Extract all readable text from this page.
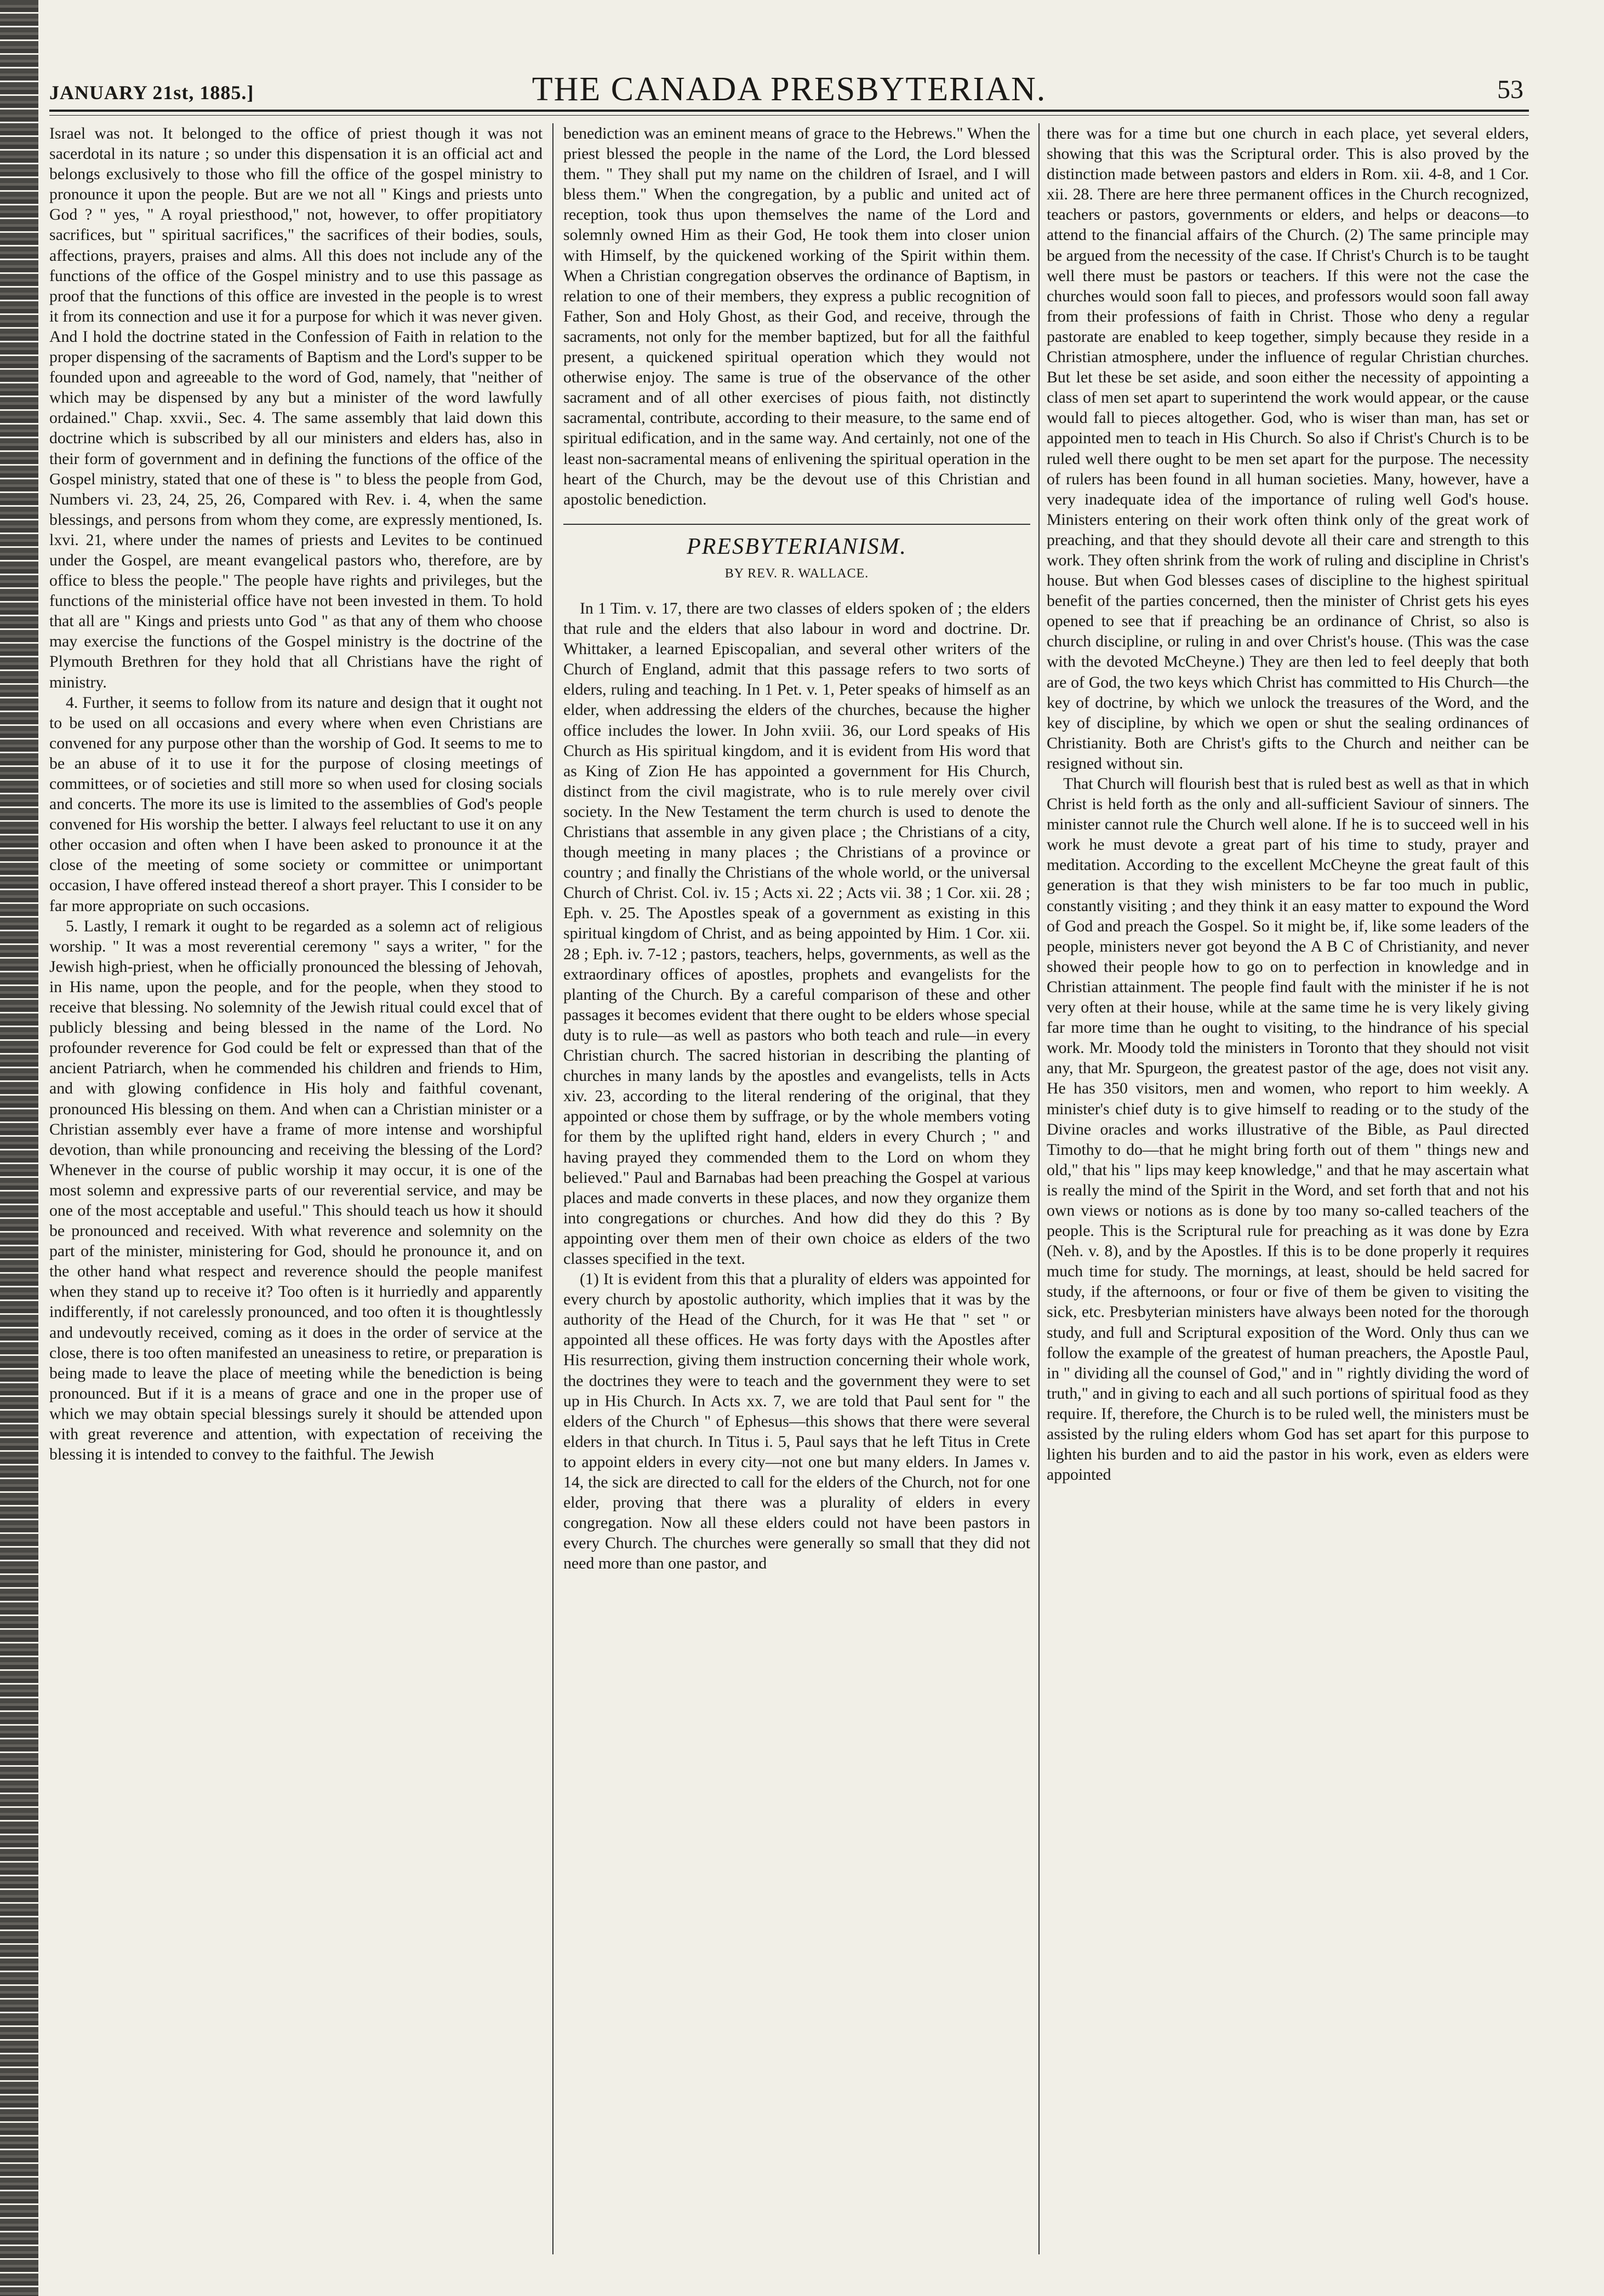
JANUARY 21st, 1885.]	THE CANADA PRESBYTERIAN.	53

Israel was not. It belonged to the office of priest though it was not sacerdotal in its nature ; so under this dispensation it is an official act and belongs exclusively to those who fill the office of the gospel ministry to pronounce it upon the people. But are we not all " Kings and priests unto God ? " yes, " A royal priesthood," not, however, to offer propitiatory sacrifices, but " spiritual sacrifices," the sacrifices of their bodies, souls, affections, prayers, praises and alms. All this does not include any of the functions of the office of the Gospel ministry and to use this passage as proof that the functions of this office are invested in the people is to wrest it from its connection and use it for a purpose for which it was never given. And I hold the doctrine stated in the Confession of Faith in relation to the proper dispensing of the sacraments of Baptism and the Lord's supper to be founded upon and agreeable to the word of God, namely, that "neither of which may be dispensed by any but a minister of the word lawfully ordained." Chap. xxvii., Sec. 4. The same assembly that laid down this doctrine which is subscribed by all our ministers and elders has, also in their form of government and in defining the functions of the office of the Gospel ministry, stated that one of these is " to bless the people from God, Numbers vi. 23, 24, 25, 26, Compared with Rev. i. 4, when the same blessings, and persons from whom they come, are expressly mentioned, Is. lxvi. 21, where under the names of priests and Levites to be continued under the Gospel, are meant evangelical pastors who, therefore, are by office to bless the people." The people have rights and privileges, but the functions of the ministerial office have not been invested in them. To hold that all are " Kings and priests unto God " as that any of them who choose may exercise the functions of the Gospel ministry is the doctrine of the Plymouth Brethren for they hold that all Christians have the right of ministry.

4. Further, it seems to follow from its nature and design that it ought not to be used on all occasions and every where when even Christians are convened for any purpose other than the worship of God. It seems to me to be an abuse of it to use it for the purpose of closing meetings of committees, or of societies and still more so when used for closing socials and concerts. The more its use is limited to the assemblies of God's people convened for His worship the better. I always feel reluctant to use it on any other occasion and often when I have been asked to pronounce it at the close of the meeting of some society or committee or unimportant occasion, I have offered instead thereof a short prayer. This I consider to be far more appropriate on such occasions.

5. Lastly, I remark it ought to be regarded as a solemn act of religious worship. " It was a most reverential ceremony " says a writer, " for the Jewish high-priest, when he officially pronounced the blessing of Jehovah, in His name, upon the people, and for the people, when they stood to receive that blessing. No solemnity of the Jewish ritual could excel that of publicly blessing and being blessed in the name of the Lord. No profounder reverence for God could be felt or expressed than that of the ancient Patriarch, when he commended his children and friends to Him, and with glowing confidence in His holy and faithful covenant, pronounced His blessing on them. And when can a Christian minister or a Christian assembly ever have a frame of more intense and worshipful devotion, than while pronouncing and receiving the blessing of the Lord? Whenever in the course of public worship it may occur, it is one of the most solemn and expressive parts of our reverential service, and may be one of the most acceptable and useful." This should teach us how it should be pronounced and received. With what reverence and solemnity on the part of the minister, ministering for God, should he pronounce it, and on the other hand what respect and reverence should the people manifest when they stand up to receive it? Too often is it hurriedly and apparently indifferently, if not carelessly pronounced, and too often it is thoughtlessly and undevoutly received, coming as it does in the order of service at the close, there is too often manifested an uneasiness to retire, or preparation is being made to leave the place of meeting while the benediction is being pronounced. But if it is a means of grace and one in the proper use of which we may obtain special blessings surely it should be attended upon with great reverence and attention, with expectation of receiving the blessing it is intended to convey to the faithful. The Jewish

benediction was an eminent means of grace to the Hebrews." When the priest blessed the people in the name of the Lord, the Lord blessed them. " They shall put my name on the children of Israel, and I will bless them." When the congregation, by a public and united act of reception, took thus upon themselves the name of the Lord and solemnly owned Him as their God, He took them into closer union with Himself, by the quickened working of the Spirit within them. When a Christian congregation observes the ordinance of Baptism, in relation to one of their members, they express a public recognition of Father, Son and Holy Ghost, as their God, and receive, through the sacraments, not only for the member baptized, but for all the faithful present, a quickened spiritual operation which they would not otherwise enjoy. The same is true of the observance of the other sacrament and of all other exercises of pious faith, not distinctly sacramental, contribute, according to their measure, to the same end of spiritual edification, and in the same way. And certainly, not one of the least non-sacramental means of enlivening the spiritual operation in the heart of the Church, may be the devout use of this Christian and apostolic benediction.

PRESBYTERIANISM.
BY REV. R. WALLACE.

In 1 Tim. v. 17, there are two classes of elders spoken of ; the elders that rule and the elders that also labour in word and doctrine. Dr. Whittaker, a learned Episcopalian, and several other writers of the Church of England, admit that this passage refers to two sorts of elders, ruling and teaching. In 1 Pet. v. 1, Peter speaks of himself as an elder, when addressing the elders of the churches, because the higher office includes the lower. In John xviii. 36, our Lord speaks of His Church as His spiritual kingdom, and it is evident from His word that as King of Zion He has appointed a government for His Church, distinct from the civil magistrate, who is to rule merely over civil society. In the New Testament the term church is used to denote the Christians that assemble in any given place ; the Christians of a city, though meeting in many places ; the Christians of a province or country ; and finally the Christians of the whole world, or the universal Church of Christ. Col. iv. 15 ; Acts xi. 22 ; Acts vii. 38 ; 1 Cor. xii. 28 ; Eph. v. 25. The Apostles speak of a government as existing in this spiritual kingdom of Christ, and as being appointed by Him. 1 Cor. xii. 28 ; Eph. iv. 7-12 ; pastors, teachers, helps, governments, as well as the extraordinary offices of apostles, prophets and evangelists for the planting of the Church. By a careful comparison of these and other passages it becomes evident that there ought to be elders whose special duty is to rule—as well as pastors who both teach and rule—in every Christian church. The sacred historian in describing the planting of churches in many lands by the apostles and evangelists, tells in Acts xiv. 23, according to the literal rendering of the original, that they appointed or chose them by suffrage, or by the whole members voting for them by the uplifted right hand, elders in every Church ; " and having prayed they commended them to the Lord on whom they believed." Paul and Barnabas had been preaching the Gospel at various places and made converts in these places, and now they organize them into congregations or churches. And how did they do this ? By appointing over them men of their own choice as elders of the two classes specified in the text.

(1) It is evident from this that a plurality of elders was appointed for every church by apostolic authority, which implies that it was by the authority of the Head of the Church, for it was He that " set " or appointed all these offices. He was forty days with the Apostles after His resurrection, giving them instruction concerning their whole work, the doctrines they were to teach and the government they were to set up in His Church. In Acts xx. 7, we are told that Paul sent for " the elders of the Church " of Ephesus—this shows that there were several elders in that church. In Titus i. 5, Paul says that he left Titus in Crete to appoint elders in every city—not one but many elders. In James v. 14, the sick are directed to call for the elders of the Church, not for one elder, proving that there was a plurality of elders in every congregation. Now all these elders could not have been pastors in every Church. The churches were generally so small that they did not need more than one pastor, and

there was for a time but one church in each place, yet several elders, showing that this was the Scriptural order. This is also proved by the distinction made between pastors and elders in Rom. xii. 4-8, and 1 Cor. xii. 28. There are here three permanent offices in the Church recognized, teachers or pastors, governments or elders, and helps or deacons—to attend to the financial affairs of the Church. (2) The same principle may be argued from the necessity of the case. If Christ's Church is to be taught well there must be pastors or teachers. If this were not the case the churches would soon fall to pieces, and professors would soon fall away from their professions of faith in Christ. Those who deny a regular pastorate are enabled to keep together, simply because they reside in a Christian atmosphere, under the influence of regular Christian churches. But let these be set aside, and soon either the necessity of appointing a class of men set apart to superintend the work would appear, or the cause would fall to pieces altogether. God, who is wiser than man, has set or appointed men to teach in His Church. So also if Christ's Church is to be ruled well there ought to be men set apart for the purpose. The necessity of rulers has been found in all human societies. Many, however, have a very inadequate idea of the importance of ruling well God's house. Ministers entering on their work often think only of the great work of preaching, and that they should devote all their care and strength to this work. They often shrink from the work of ruling and discipline in Christ's house. But when God blesses cases of discipline to the highest spiritual benefit of the parties concerned, then the minister of Christ gets his eyes opened to see that if preaching be an ordinance of Christ, so also is church discipline, or ruling in and over Christ's house. (This was the case with the devoted McCheyne.) They are then led to feel deeply that both are of God, the two keys which Christ has committed to His Church—the key of doctrine, by which we unlock the treasures of the Word, and the key of discipline, by which we open or shut the sealing ordinances of Christianity. Both are Christ's gifts to the Church and neither can be resigned without sin.

That Church will flourish best that is ruled best as well as that in which Christ is held forth as the only and all-sufficient Saviour of sinners. The minister cannot rule the Church well alone. If he is to succeed well in his work he must devote a great part of his time to study, prayer and meditation. According to the excellent McCheyne the great fault of this generation is that they wish ministers to be far too much in public, constantly visiting ; and they think it an easy matter to expound the Word of God and preach the Gospel. So it might be, if, like some leaders of the people, ministers never got beyond the A B C of Christianity, and never showed their people how to go on to perfection in knowledge and in Christian attainment. The people find fault with the minister if he is not very often at their house, while at the same time he is very likely giving far more time than he ought to visiting, to the hindrance of his special work. Mr. Moody told the ministers in Toronto that they should not visit any, that Mr. Spurgeon, the greatest pastor of the age, does not visit any. He has 350 visitors, men and women, who report to him weekly. A minister's chief duty is to give himself to reading or to the study of the Divine oracles and works illustrative of the Bible, as Paul directed Timothy to do—that he might bring forth out of them " things new and old," that his " lips may keep knowledge," and that he may ascertain what is really the mind of the Spirit in the Word, and set forth that and not his own views or notions as is done by too many so-called teachers of the people. This is the Scriptural rule for preaching as it was done by Ezra (Neh. v. 8), and by the Apostles. If this is to be done properly it requires much time for study. The mornings, at least, should be held sacred for study, if the afternoons, or four or five of them be given to visiting the sick, etc. Presbyterian ministers have always been noted for the thorough study, and full and Scriptural exposition of the Word. Only thus can we follow the example of the greatest of human preachers, the Apostle Paul, in " dividing all the counsel of God," and in " rightly dividing the word of truth," and in giving to each and all such portions of spiritual food as they require. If, therefore, the Church is to be ruled well, the ministers must be assisted by the ruling elders whom God has set apart for this purpose to lighten his burden and to aid the pastor in his work, even as elders were appointed
